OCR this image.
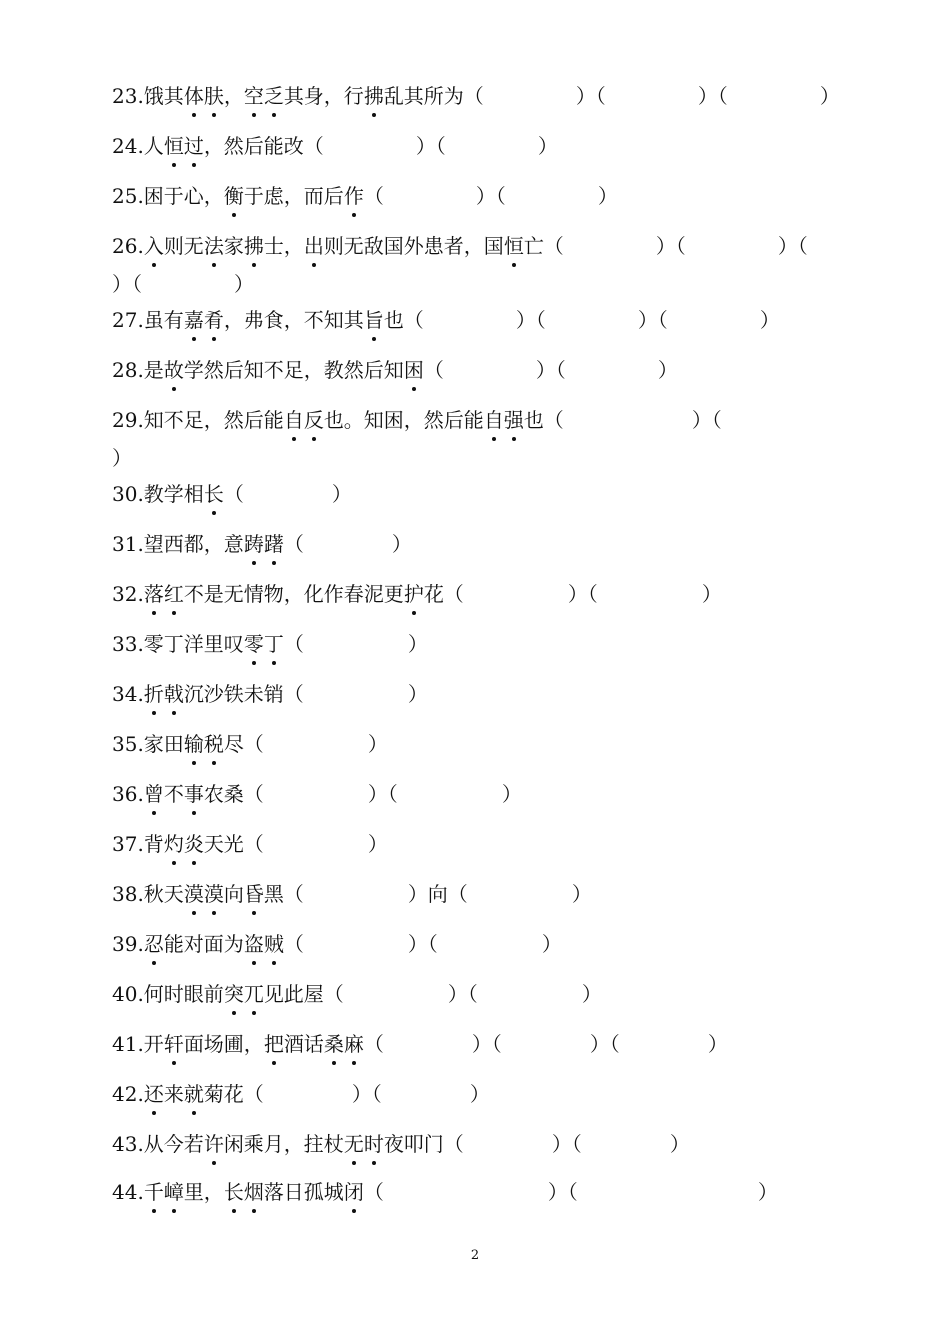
23.饿其体肤，空乏其身，行拂乱其所为（	）（	）（	）
24.人恒过，然后能改（	）（	）
25.困于心，衡于虑，而后作（	）（	）
26.入则无法家拂士，出则无敌国外患者，国恒亡（	）（	）（
）（	）
27.虽有嘉肴，弗食，不知其旨也（	）（	）（	）
28.是故学然后知不足，教然后知困（	）（	）
29.知不足，然后能自反也。知困，然后能自强也（	）（
）
30.教学相长（	）
31.望西都，意踌躇（	）
32.落红不是无情物，化作春泥更护花（	）（	）
33.零丁洋里叹零丁（	）
34.折戟沉沙铁未销（	）
35.家田输税尽（	）
36.曾不事农桑（	）（	）
37.背灼炎天光（	）
38.秋天漠漠向昏黑（	）向（	）
39.忍能对面为盗贼（	）（	）
40.何时眼前突兀见此屋（	）（	）
41.开轩面场圃，把酒话桑麻（	）（	）（	）
42.还来就菊花（	）（	）
43.从今若许闲乘月，拄杖无时夜叩门（	）（	）
44.千嶂里，长烟落日孤城闭（	）（	）
2
